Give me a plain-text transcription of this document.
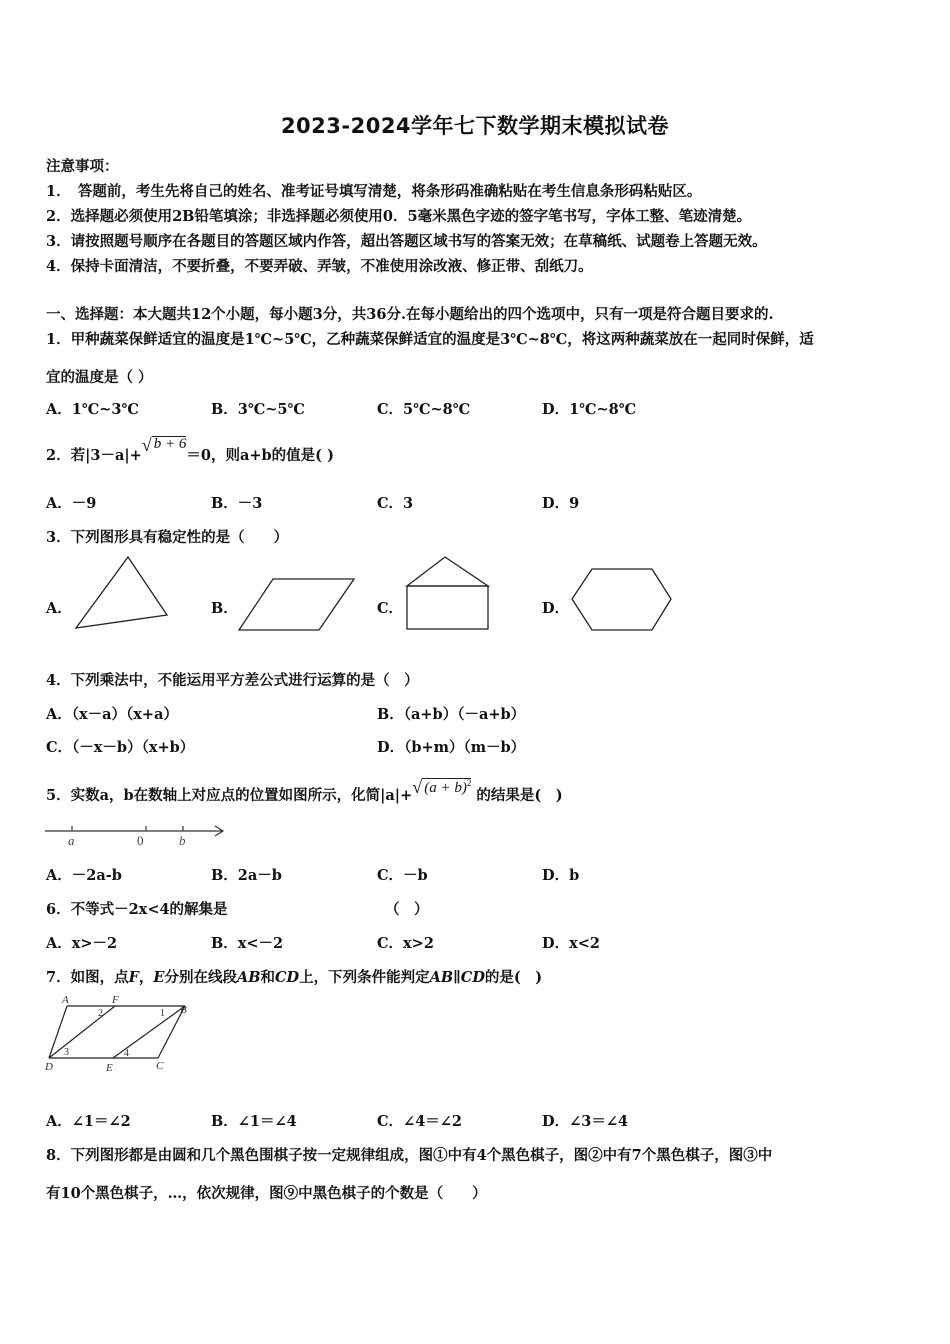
2023-2024学年七下数学期末模拟试卷
注意事项：
1．　答题前，考生先将自己的姓名、准考证号填写清楚，将条形码准确粘贴在考生信息条形码粘贴区。
2．选择题必须使用2B铅笔填涂；非选择题必须使用0．5毫米黑色字迹的签字笔书写，字体工整、笔迹清楚。
3．请按照题号顺序在各题目的答题区域内作答，超出答题区域书写的答案无效；在草稿纸、试题卷上答题无效。
4．保持卡面清洁，不要折叠，不要弄破、弄皱，不准使用涂改液、修正带、刮纸刀。
一、选择题：本大题共12个小题，每小题3分，共36分.在每小题给出的四个选项中，只有一项是符合题目要求的.
1．甲种蔬菜保鲜适宜的温度是1℃~5℃，乙种蔬菜保鲜适宜的温度是3℃~8℃，将这两种蔬菜放在一起同时保鲜，适
宜的温度是（ ）
A．1℃~3℃	B．3℃~5℃	C．5℃~8℃	D．1℃~8℃
2．若|3－a|+
√ b + 6＝0，则a+b的值是( )
A．－9	B．－3	C．3	D．9
3．下列图形具有稳定性的是（　　）
A．	B．	C．	D．
4．下列乘法中，不能运用平方差公式进行运算的是（　）
A．（x－a）（x+a）	B．（a+b）（－a+b）
C．（－x－b）（x+b）	D．（b+m）（m－b）
5．实数a，b在数轴上对应点的位置如图所示，化简|a|+ √ $(a + b)^2$ 的结果是(　)
a	0	b
A．－2a-b	B．2a－b	C．－b	D．b
6．不等式－2x<4的解集是	（　）
A．x>－2	B．x<－2	C．x>2	D．x<2
7．如图，点F，E分别在线段AB和CD上，下列条件能判定AB∥CD的是(　)
A	F
B
D	E	C
1
2
3	4
A．∠1＝∠2	B．∠1＝∠4	C．∠4＝∠2	D．∠3＝∠4
8．下列图形都是由圆和几个黑色围棋子按一定规律组成，图①中有4个黑色棋子，图②中有7个黑色棋子，图③中
有10个黑色棋子，…，依次规律，图⑨中黑色棋子的个数是（　　）
